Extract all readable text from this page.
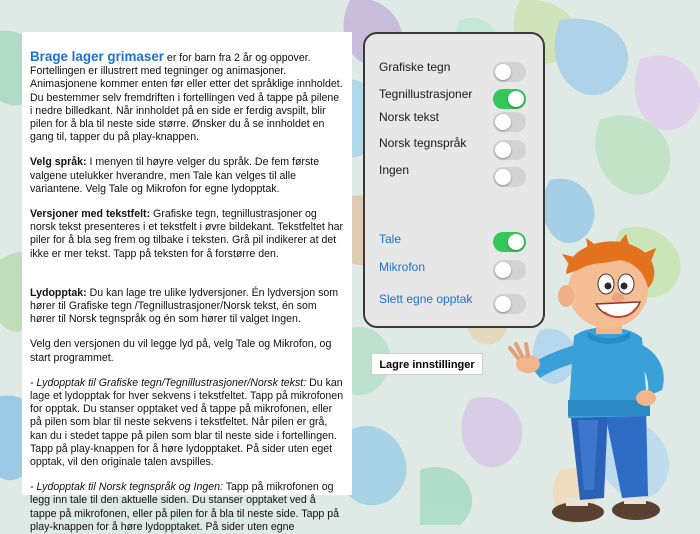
Brage lager grimaser er for barn fra 2 år og oppover. Fortellingen er illustrert med tegninger og animasjoner. Animasjonene kommer enten før eller etter det språklige innholdet. Du bestemmer selv fremdriften i fortellingen ved å tappe på pilene i nedre billedkant. Når innholdet på en side er ferdig avspilt, blir pilen for å bla til neste side større. Ønsker du å se innholdet en gang til, tapper du på play-knappen.

Velg språk: I menyen til høyre velger du språk. De fem første valgene utelukker hverandre, men Tale kan velges til alle variantene. Velg Tale og Mikrofon for egne lydopptak.

Versjoner med tekstfelt: Grafiske tegn, tegnillustrasjoner og norsk tekst presenteres i et tekstfelt i øvre bildekant. Tekstfeltet har piler for å bla seg frem og tilbake i teksten. Grå pil indikerer at det ikke er mer tekst. Tapp på teksten for å forstørre den.

Lydopptak: Du kan lage tre ulike lydversjoner. Én lydversjon som hører til Grafiske tegn /Tegnillustrasjoner/Norsk tekst, én som hører til Norsk tegnspråk og én som hører til valget Ingen.

Velg den versjonen du vil legge lyd på, velg Tale og Mikrofon, og start programmet.

- Lydopptak til Grafiske tegn/Tegnillustrasjoner/Norsk tekst: Du kan lage et lydopptak for hver sekvens i tekstfeltet. Tapp på mikrofonen for opptak. Du stanser opptaket ved å tappe på mikrofonen, eller på pilen som blar til neste sekvens i tekstfeltet. Når pilen er grå, kan du i stedet tappe på pilen som blar til neste side i fortellingen. Tapp på play-knappen for å høre lydopptaket. På sider uten eget opptak, vil den originale talen avspilles.

- Lydopptak til Norsk tegnspråk og Ingen: Tapp på mikrofonen og legg inn tale til den aktuelle siden. Du stanser opptaket ved å tappe på mikrofonen, eller på pilen for å bla til neste side. Tapp på play-knappen for å høre lydopptaket. På sider uten egne

Grafiske tegn
Tegnillustrasjoner
Norsk tekst
Norsk tegnspråk
Ingen
Tale
Mikrofon
Slett egne opptak
Lagre innstillinger
